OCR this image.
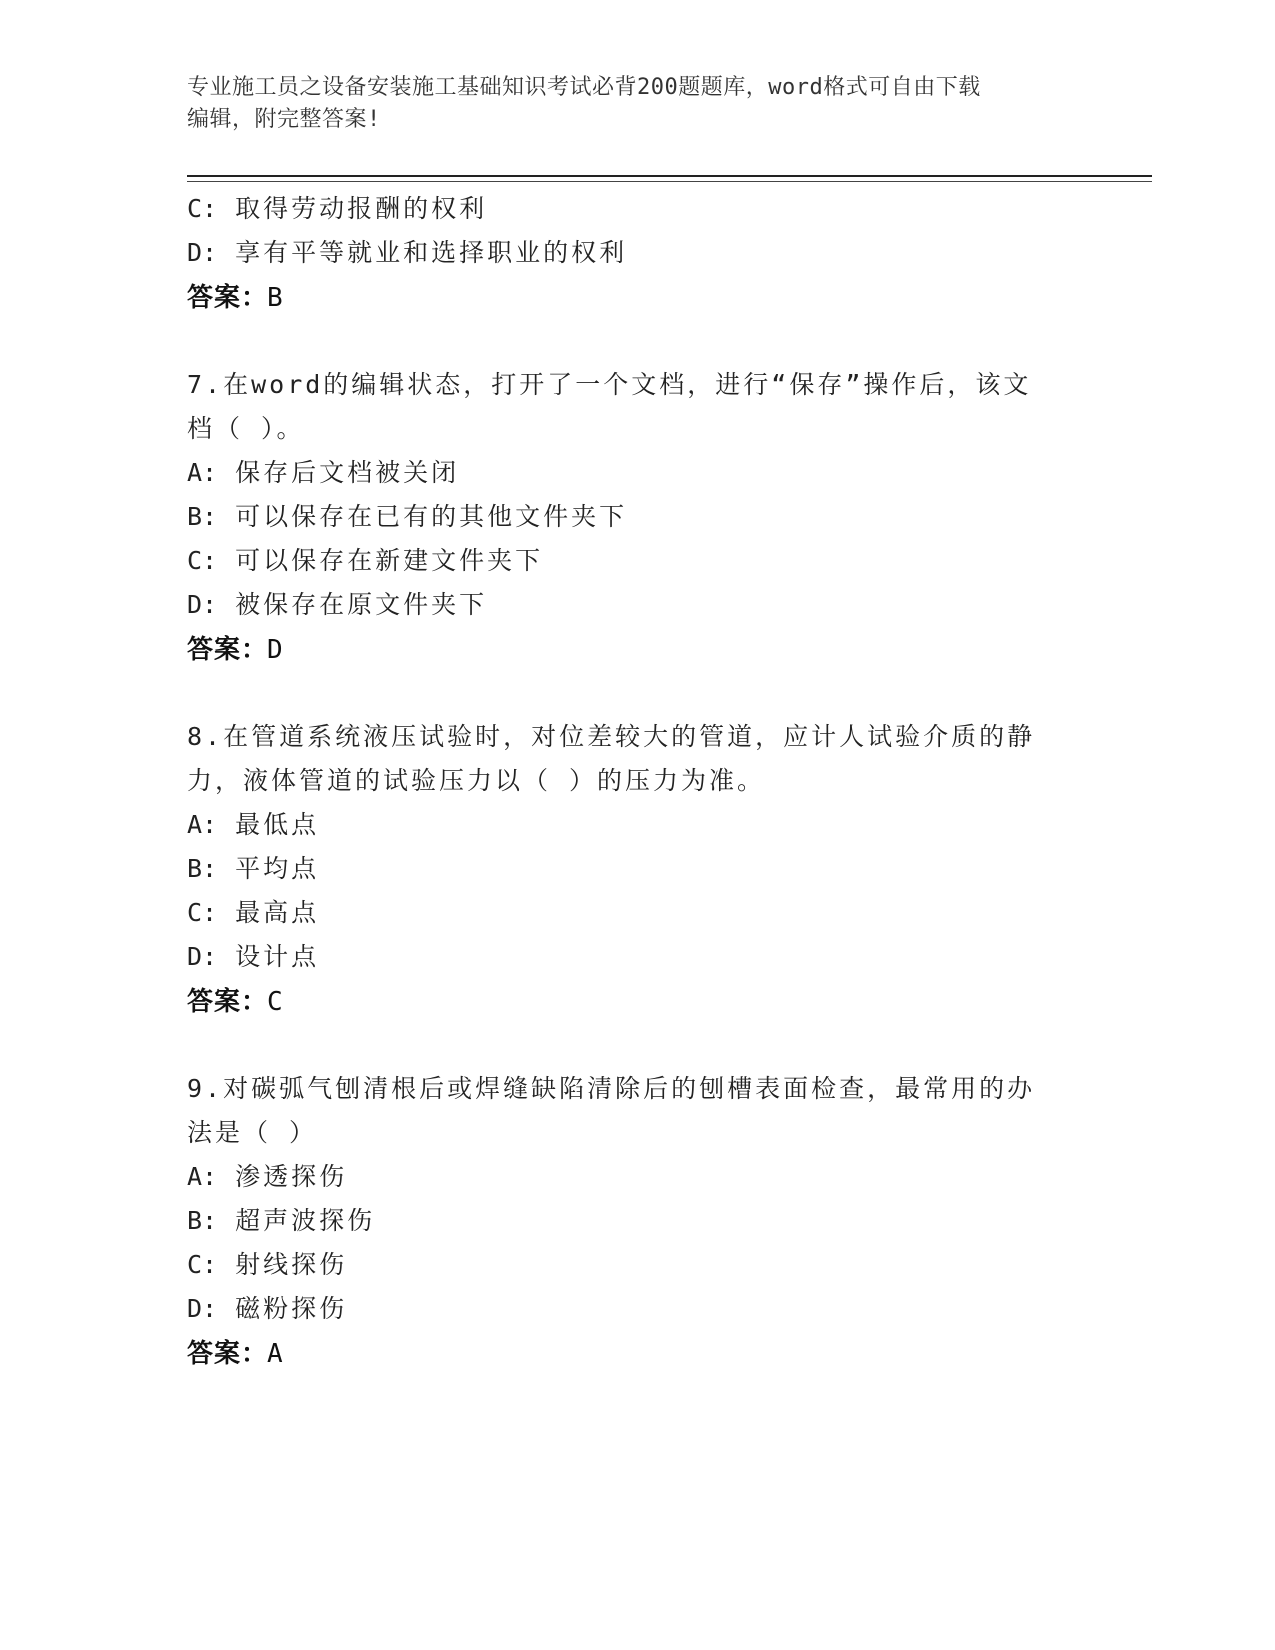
专业施工员之设备安装施工基础知识考试必背200题题库，word格式可自由下载
编辑，附完整答案!
C: 取得劳动报酬的权利
D: 享有平等就业和选择职业的权利
答案：B
7.在word的编辑状态，打开了一个文档，进行“保存”操作后，该文
档（ ）。
A: 保存后文档被关闭
B: 可以保存在已有的其他文件夹下
C: 可以保存在新建文件夹下
D: 被保存在原文件夹下
答案：D
8.在管道系统液压试验时，对位差较大的管道，应计人试验介质的静
力，液体管道的试验压力以（ ）的压力为准。
A: 最低点
B: 平均点
C: 最高点
D: 设计点
答案：C
9.对碳弧气刨清根后或焊缝缺陷清除后的刨槽表面检查，最常用的办
法是（ ）
A: 渗透探伤
B: 超声波探伤
C: 射线探伤
D: 磁粉探伤
答案：A
